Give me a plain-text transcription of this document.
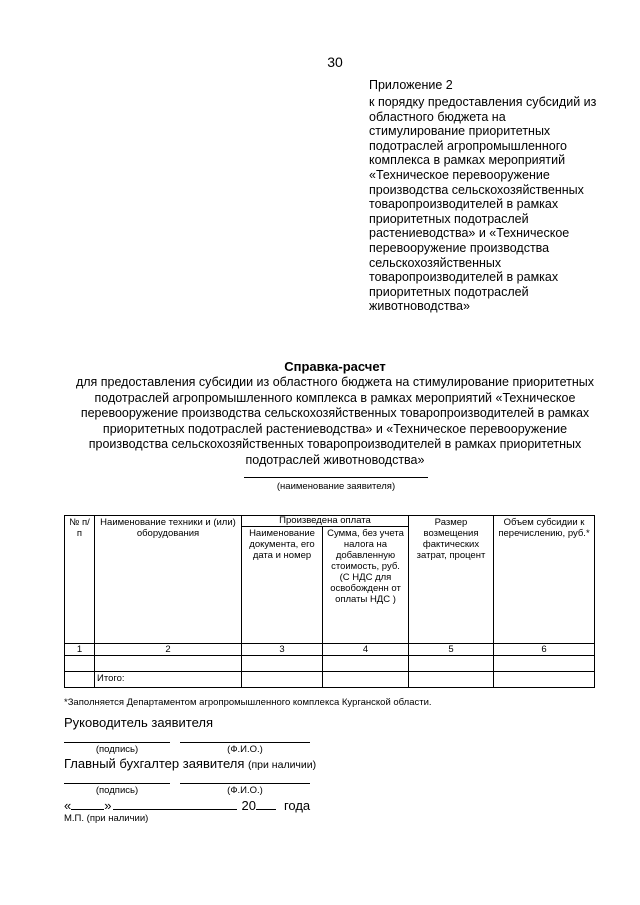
30
Приложение 2
к порядку предоставления субсидий из
областного бюджета на
стимулирование приоритетных
подотраслей агропромышленного
комплекса в рамках мероприятий
«Техническое перевооружение
производства сельскохозяйственных
товаропроизводителей в рамках
приоритетных подотраслей
растениеводства» и «Техническое
перевооружение производства
сельскохозяйственных
товаропроизводителей в рамках
приоритетных подотраслей
животноводства»
Справка-расчет
для предоставления субсидии из областного бюджета на стимулирование приоритетных
подотраслей агропромышленного комплекса в рамках мероприятий «Техническое
перевооружение производства сельскохозяйственных товаропроизводителей в рамках
приоритетных подотраслей растениеводства» и «Техническое перевооружение
производства сельскохозяйственных товаропроизводителей в рамках приоритетных
подотраслей животноводства»
(наименование заявителя)
№ п/п	Наименование техники и (или) оборудования	Произведена оплата		Размер возмещения фактических затрат, процент	Объем субсидии к перечислению, руб.*
		Наименование документа, его дата и номер	Сумма, без учета налога на добавленную стоимость, руб. (С НДС для освобожденн от оплаты НДС )		
1	2	3	4	5	6

	Итого:				
*Заполняется Департаментом агропромышленного комплекса Курганской области.
Руководитель заявителя
(подпись)	(Ф.И.О.)
Главный бухгалтер заявителя (при наличии)
(подпись)	(Ф.И.О.)
«	»	20 года
М.П. (при наличии)
